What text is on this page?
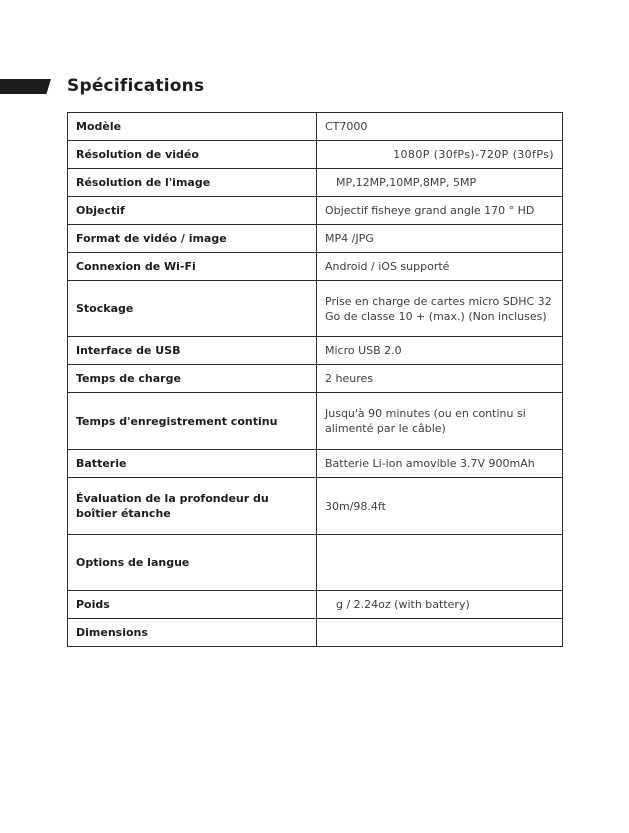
Spécifications
Modèle	CT7000
Résolution de vidéo	1080P (30fPs)-720P (30fPs)
Résolution de l'image	MP,12MP,10MP,8MP, 5MP
Objectif	Objectif fisheye grand angle 170 ° HD
Format de vidéo / image	MP4 /JPG
Connexion de Wi-Fi	Android / iOS supporté
Stockage	Prise en charge de cartes micro SDHC 32 Go de classe 10 + (max.) (Non incluses)
Interface de USB	Micro USB 2.0
Temps de charge	2 heures
Temps d'enregistrement continu	Jusqu'à 90 minutes (ou en continu si alimenté par le câble)
Batterie	Batterie Li-ion amovible 3.7V 900mAh
Évaluation de la profondeur du boîtier étanche	30m/98.4ft
Options de langue	
Poids	g / 2.24oz (with battery)
Dimensions	
